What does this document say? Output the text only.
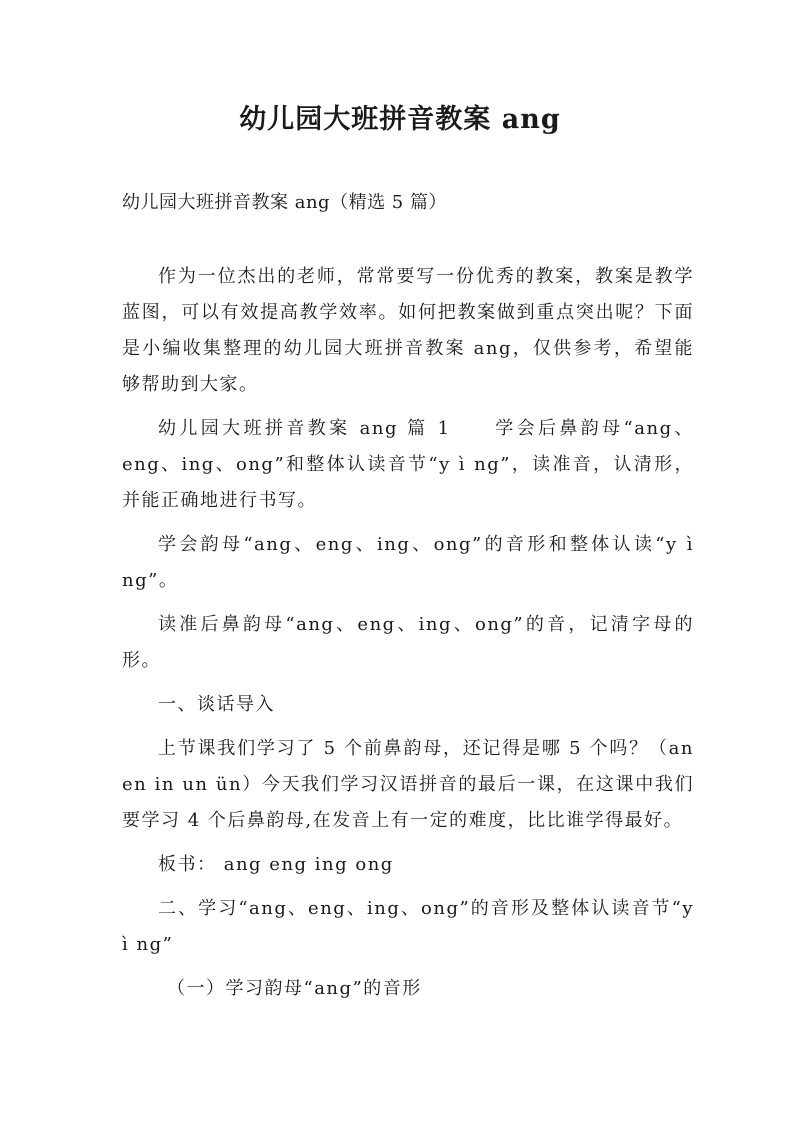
幼儿园大班拼音教案 ang
幼儿园大班拼音教案 ang（精选 5 篇）

作为一位杰出的老师，常常要写一份优秀的教案，教案是教学蓝图，可以有效提高教学效率。如何把教案做到重点突出呢？下面是小编收集整理的幼儿园大班拼音教案 ang，仅供参考，希望能够帮助到大家。

幼儿园大班拼音教案 ang 篇 1　　学会后鼻韵母“ang、eng、ing、ong”和整体认读音节“y ì ng”，读准音，认清形，并能正确地进行书写。

学会韵母“ang、eng、ing、ong”的音形和整体认读“y ì ng”。

读准后鼻韵母“ang、eng、ing、ong”的音，记清字母的形。

一、谈话导入

上节课我们学习了 5 个前鼻韵母，还记得是哪 5 个吗？（an en in un ün）今天我们学习汉语拼音的最后一课，在这课中我们要学习 4 个后鼻韵母,在发音上有一定的难度，比比谁学得最好。

板书： ang eng ing ong

二、学习“ang、eng、ing、ong”的音形及整体认读音节“y ì ng”

（一）学习韵母“ang”的音形
